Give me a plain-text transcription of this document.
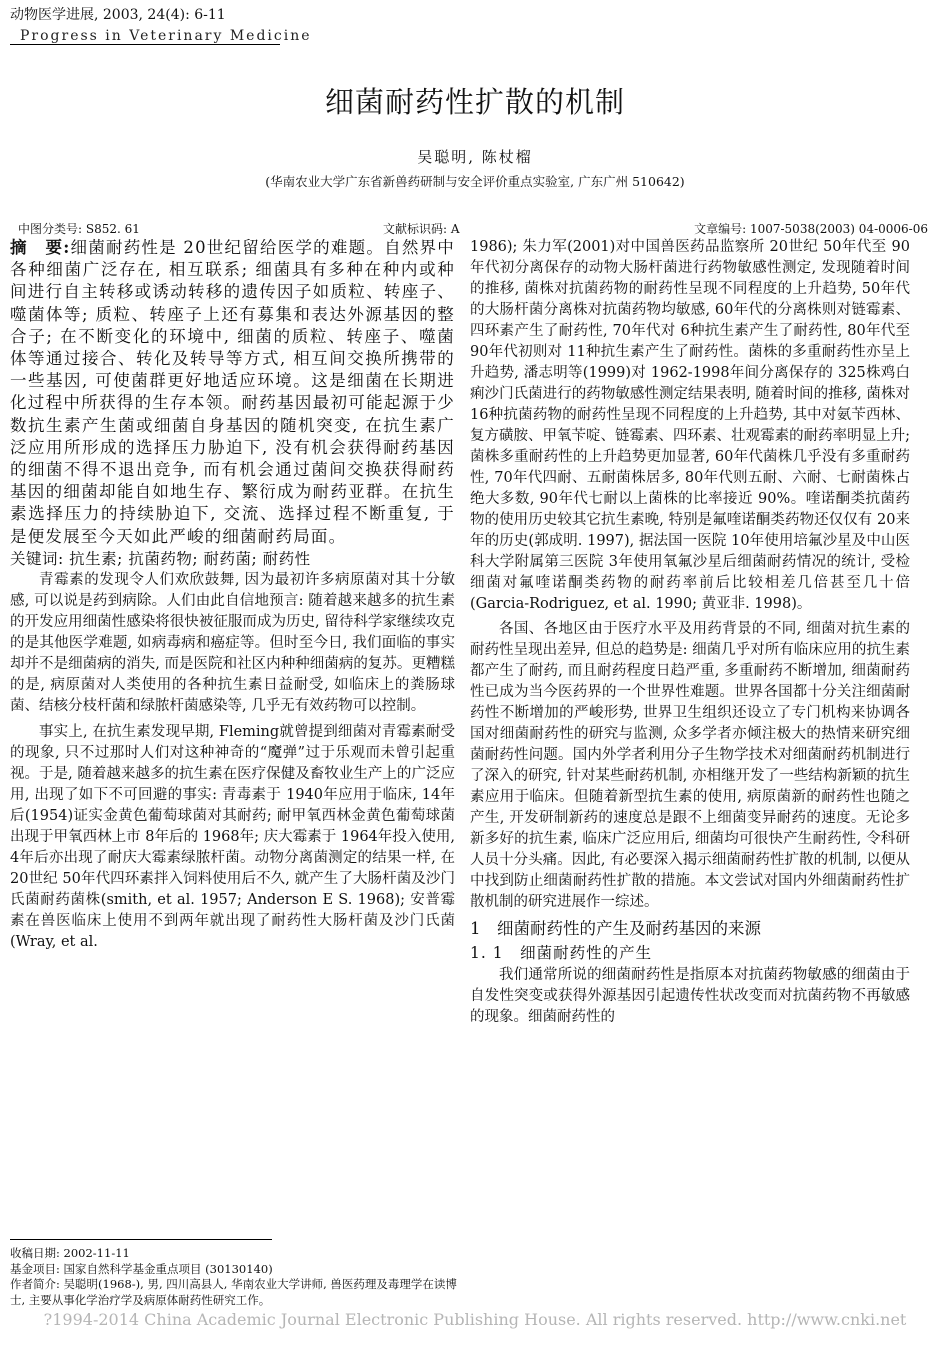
动物医学进展, 2003, 24(4): 6-11
Progress in Veterinary Medicine
细菌耐药性扩散的机制
吴聪明, 陈杖榴
(华南农业大学广东省新兽药研制与安全评价重点实验室, 广东广州 510642)
中图分类号: S852. 61	文献标识码: A	文章编号: 1007-5038(2003) 04-0006-06

摘　要:细菌耐药性是 20世纪留给医学的难题。自然界中各种细菌广泛存在, 相互联系; 细菌具有多种在种内或种间进行自主转移或诱动转移的遗传因子如质粒、转座子、噬菌体等; 质粒、转座子上还有募集和表达外源基因的整合子; 在不断变化的环境中, 细菌的质粒、转座子、噬菌体等通过接合、转化及转导等方式, 相互间交换所携带的一些基因, 可使菌群更好地适应环境。这是细菌在长期进化过程中所获得的生存本领。耐药基因最初可能起源于少数抗生素产生菌或细菌自身基因的随机突变, 在抗生素广泛应用所形成的选择压力胁迫下, 没有机会获得耐药基因的细菌不得不退出竞争, 而有机会通过菌间交换获得耐药基因的细菌却能自如地生存、繁衍成为耐药亚群。在抗生素选择压力的持续胁迫下, 交流、选择过程不断重复, 于是便发展至今天如此严峻的细菌耐药局面。

关键词: 抗生素; 抗菌药物; 耐药菌; 耐药性

青霉素的发现令人们欢欣鼓舞, 因为最初许多病原菌对其十分敏感, 可以说是药到病除。人们由此自信地预言: 随着越来越多的抗生素的开发应用细菌性感染将很快被征服而成为历史, 留待科学家继续攻克的是其他医学难题, 如病毒病和癌症等。但时至今日, 我们面临的事实却并不是细菌病的消失, 而是医院和社区内种种细菌病的复苏。更糟糕的是, 病原菌对人类使用的各种抗生素日益耐受, 如临床上的粪肠球菌、结核分枝杆菌和绿脓杆菌感染等, 几乎无有效药物可以控制。

事实上, 在抗生素发现早期, Fleming就曾提到细菌对青霉素耐受的现象, 只不过那时人们对这种神奇的“魔弹”过于乐观而未曾引起重视。于是, 随着越来越多的抗生素在医疗保健及畜牧业生产上的广泛应用, 出现了如下不可回避的事实: 青毒素于 1940年应用于临床, 14年后(1954)证实金黄色葡萄球菌对其耐药; 耐甲氧西林金黄色葡萄球菌出现于甲氧西林上市 8年后的 1968年; 庆大霉素于 1964年投入使用, 4年后亦出现了耐庆大霉素绿脓杆菌。动物分离菌测定的结果一样, 在 20世纪 50年代四环素拌入饲料使用后不久, 就产生了大肠杆菌及沙门氏菌耐药菌株(smith, et al. 1957; Anderson E S. 1968); 安普霉素在兽医临床上使用不到两年就出现了耐药性大肠杆菌及沙门氏菌(Wray, et al.

1986); 朱力军(2001)对中国兽医药品监察所 20世纪 50年代至 90年代初分离保存的动物大肠杆菌进行药物敏感性测定, 发现随着时间的推移, 菌株对抗菌药物的耐药性呈现不同程度的上升趋势, 50年代的大肠杆菌分离株对抗菌药物均敏感, 60年代的分离株则对链霉素、四环素产生了耐药性, 70年代对 6种抗生素产生了耐药性, 80年代至 90年代初则对 11种抗生素产生了耐药性。菌株的多重耐药性亦呈上升趋势, 潘志明等(1999)对 1962-1998年间分离保存的 325株鸡白痢沙门氏菌进行的药物敏感性测定结果表明, 随着时间的推移, 菌株对 16种抗菌药物的耐药性呈现不同程度的上升趋势, 其中对氨苄西林、复方磺胺、甲氧苄啶、链霉素、四环素、壮观霉素的耐药率明显上升; 菌株多重耐药性的上升趋势更加显著, 60年代菌株几乎没有多重耐药性, 70年代四耐、五耐菌株居多, 80年代则五耐、六耐、七耐菌株占绝大多数, 90年代七耐以上菌株的比率接近 90%。喹诺酮类抗菌药物的使用历史较其它抗生素晚, 特别是氟喹诺酮类药物还仅仅有 20来年的历史(郭成明. 1997), 据法国一医院 10年使用培氟沙星及中山医科大学附属第三医院 3年使用氧氟沙星后细菌耐药情况的统计, 受检细菌对氟喹诺酮类药物的耐药率前后比较相差几倍甚至几十倍(Garcia-Rodriguez, et al. 1990; 黄亚非. 1998)。

各国、各地区由于医疗水平及用药背景的不同, 细菌对抗生素的耐药性呈现出差异, 但总的趋势是: 细菌几乎对所有临床应用的抗生素都产生了耐药, 而且耐药程度日趋严重, 多重耐药不断增加, 细菌耐药性已成为当今医药界的一个世界性难题。世界各国都十分关注细菌耐药性不断增加的严峻形势, 世界卫生组织还设立了专门机构来协调各国对细菌耐药性的研究与监测, 众多学者亦倾注极大的热情来研究细菌耐药性问题。国内外学者利用分子生物学技术对细菌耐药机制进行了深入的研究, 针对某些耐药机制, 亦相继开发了一些结构新颖的抗生素应用于临床。但随着新型抗生素的使用, 病原菌新的耐药性也随之产生, 开发研制新药的速度总是跟不上细菌变异耐药的速度。无论多新多好的抗生素, 临床广泛应用后, 细菌均可很快产生耐药性, 令科研人员十分头痛。因此, 有必要深入揭示细菌耐药性扩散的机制, 以便从中找到防止细菌耐药性扩散的措施。本文尝试对国内外细菌耐药性扩散机制的研究进展作一综述。

1　细菌耐药性的产生及耐药基因的来源

1. 1　细菌耐药性的产生

我们通常所说的细菌耐药性是指原本对抗菌药物敏感的细菌由于自发性突变或获得外源基因引起遗传性状改变而对抗菌药物不再敏感的现象。细菌耐药性的

收稿日期: 2002-11-11

基金项目: 国家自然科学基金重点项目 (30130140)

作者简介: 吴聪明(1968-), 男, 四川高县人, 华南农业大学讲师, 兽医药理及毒理学在读博士, 主要从事化学治疗学及病原体耐药性研究工作。

?1994-2014 China Academic Journal Electronic Publishing House. All rights reserved. http://www.cnki.net
